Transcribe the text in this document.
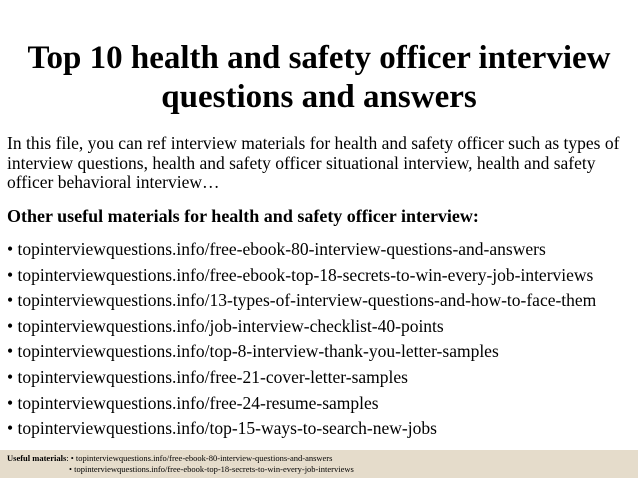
Top 10 health and safety officer interview questions and answers

In this file, you can ref interview materials for health and safety officer such as types of interview questions, health and safety officer situational interview, health and safety officer behavioral interview…

Other useful materials for health and safety officer interview:

• topinterviewquestions.info/free-ebook-80-interview-questions-and-answers
• topinterviewquestions.info/free-ebook-top-18-secrets-to-win-every-job-interviews
• topinterviewquestions.info/13-types-of-interview-questions-and-how-to-face-them
• topinterviewquestions.info/job-interview-checklist-40-points
• topinterviewquestions.info/top-8-interview-thank-you-letter-samples
• topinterviewquestions.info/free-21-cover-letter-samples
• topinterviewquestions.info/free-24-resume-samples
• topinterviewquestions.info/top-15-ways-to-search-new-jobs
Useful materials: • topinterviewquestions.info/free-ebook-80-interview-questions-and-answers
• topinterviewquestions.info/free-ebook-top-18-secrets-to-win-every-job-interviews
